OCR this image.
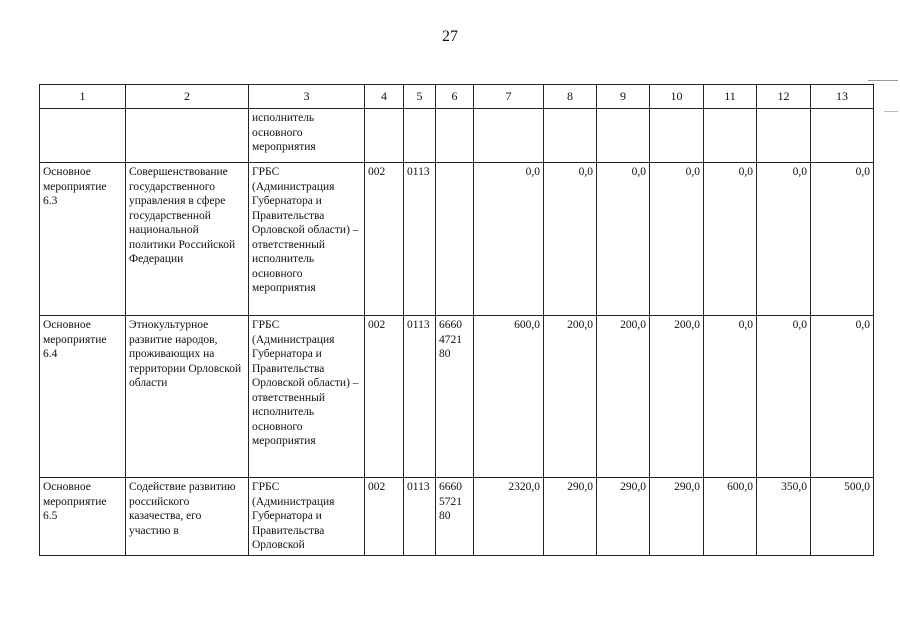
27
1	2	3	4	5	6	7	8	9	10	11	12	13
		исполнитель основного мероприятия										
Основное мероприятие 6.3	Совершенствование государственного управления в сфере государственной национальной политики Российской Федерации	ГРБС (Администрация Губернатора и Правительства Орловской области) – ответственный исполнитель основного мероприятия	002	0113		0,0	0,0	0,0	0,0	0,0	0,0	0,0
Основное мероприятие 6.4	Этнокультурное развитие народов, проживающих на территории Орловской области	ГРБС (Администрация Губернатора и Правительства Орловской области) – ответственный исполнитель основного мероприятия	002	0113	6660 4721 80	600,0	200,0	200,0	200,0	0,0	0,0	0,0
Основное мероприятие 6.5	Содействие развитию российского казачества, его участию в	ГРБС (Администрация Губернатора и Правительства Орловской	002	0113	6660 5721 80	2320,0	290,0	290,0	290,0	600,0	350,0	500,0
